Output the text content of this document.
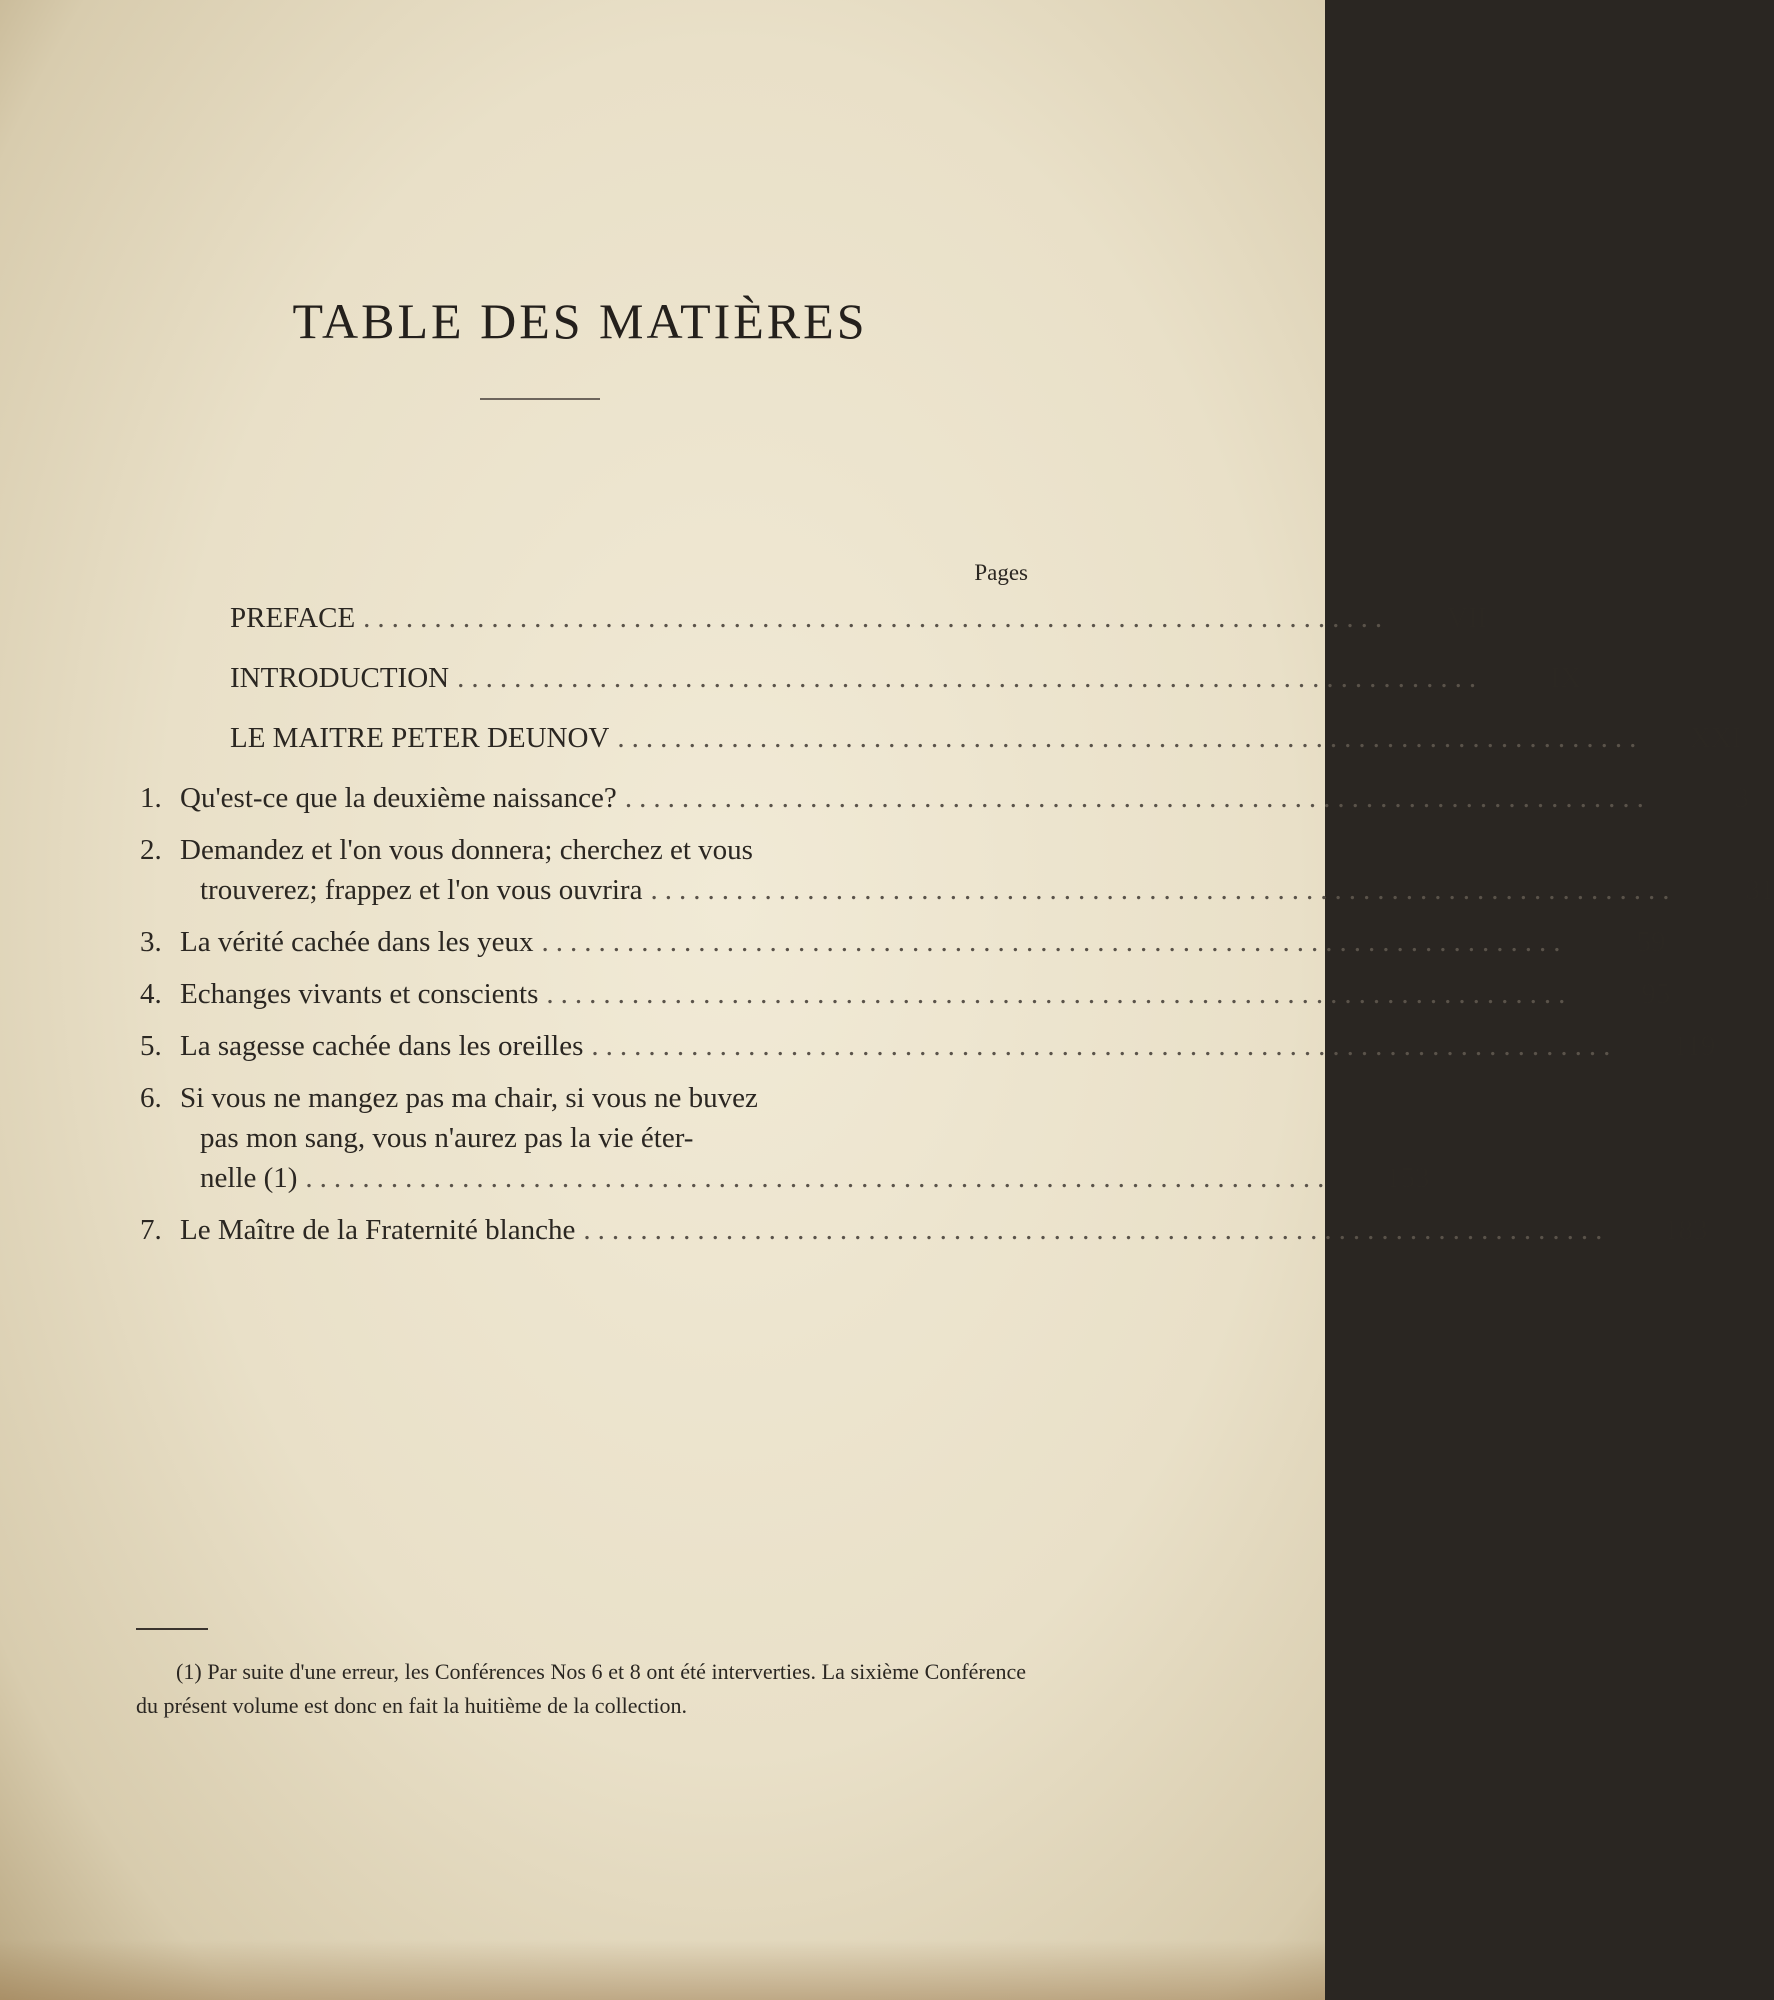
TABLE DES MATIÈRES
Pages
PREFACE ........................................................................	VII
INTRODUCTION ........................................................................	IX
LE MAITRE PETER DEUNOV ........................................................................	XXI
1. Qu'est-ce que la deuxième naissance? ........................................................................	3
2. Demandez et l'on vous donnera; cherchez et vous
trouverez; frappez et l'on vous ouvrira ........................................................................	31
3. La vérité cachée dans les yeux ........................................................................	59
4. Echanges vivants et conscients ........................................................................	95
5. La sagesse cachée dans les oreilles ........................................................................	119
6. Si vous ne mangez pas ma chair, si vous ne buvez
pas mon sang, vous n'aurez pas la vie éter-
nelle (1) ........................................................................	153
7. Le Maître de la Fraternité blanche ........................................................................	183
(1) Par suite d'une erreur, les Conférences Nos 6 et 8 ont été interverties. La sixième Conférence du présent volume est donc en fait la huitième de la collection.
